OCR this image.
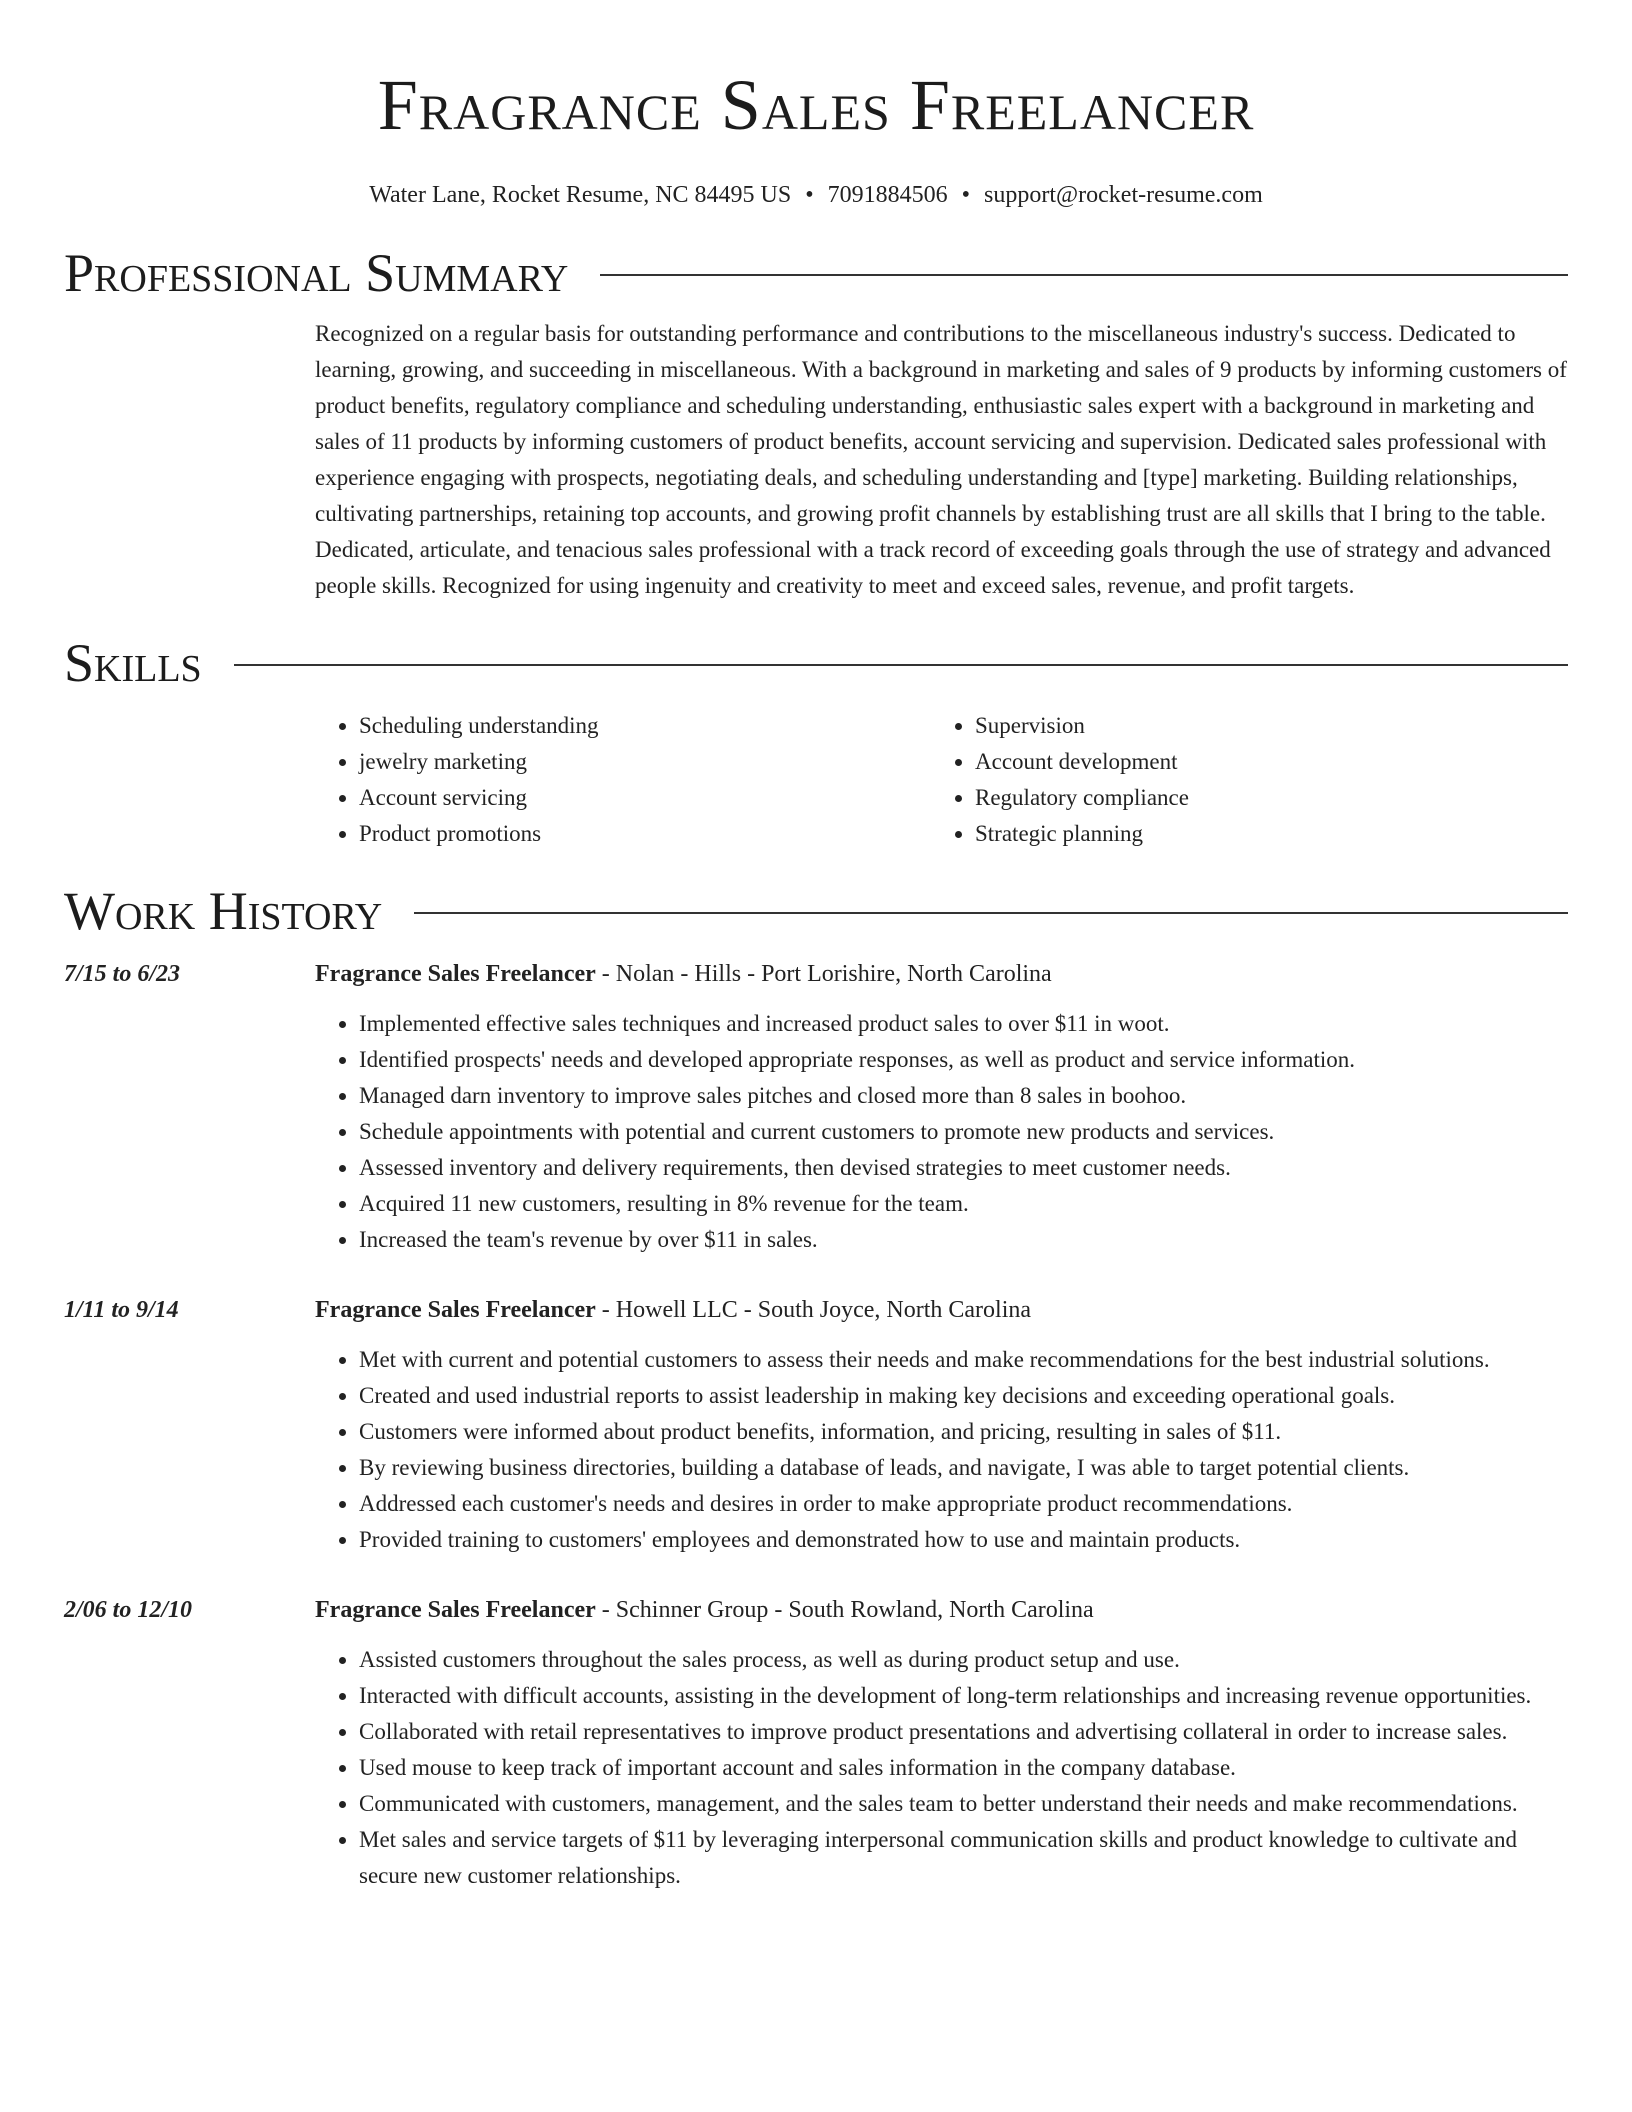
Fragrance Sales Freelancer
Water Lane, Rocket Resume, NC 84495 US • 7091884506 • support@rocket-resume.com
Professional Summary
Recognized on a regular basis for outstanding performance and contributions to the miscellaneous industry's success. Dedicated to learning, growing, and succeeding in miscellaneous. With a background in marketing and sales of 9 products by informing customers of product benefits, regulatory compliance and scheduling understanding, enthusiastic sales expert with a background in marketing and sales of 11 products by informing customers of product benefits, account servicing and supervision. Dedicated sales professional with experience engaging with prospects, negotiating deals, and scheduling understanding and [type] marketing. Building relationships, cultivating partnerships, retaining top accounts, and growing profit channels by establishing trust are all skills that I bring to the table. Dedicated, articulate, and tenacious sales professional with a track record of exceeding goals through the use of strategy and advanced people skills. Recognized for using ingenuity and creativity to meet and exceed sales, revenue, and profit targets.
Skills
• Scheduling understanding
• jewelry marketing
• Account servicing
• Product promotions
• Supervision
• Account development
• Regulatory compliance
• Strategic planning
Work History
7/15 to 6/23	Fragrance Sales Freelancer - Nolan - Hills - Port Lorishire, North Carolina
• Implemented effective sales techniques and increased product sales to over $11 in woot.
• Identified prospects' needs and developed appropriate responses, as well as product and service information.
• Managed darn inventory to improve sales pitches and closed more than 8 sales in boohoo.
• Schedule appointments with potential and current customers to promote new products and services.
• Assessed inventory and delivery requirements, then devised strategies to meet customer needs.
• Acquired 11 new customers, resulting in 8% revenue for the team.
• Increased the team's revenue by over $11 in sales.
1/11 to 9/14	Fragrance Sales Freelancer - Howell LLC - South Joyce, North Carolina
• Met with current and potential customers to assess their needs and make recommendations for the best industrial solutions.
• Created and used industrial reports to assist leadership in making key decisions and exceeding operational goals.
• Customers were informed about product benefits, information, and pricing, resulting in sales of $11.
• By reviewing business directories, building a database of leads, and navigate, I was able to target potential clients.
• Addressed each customer's needs and desires in order to make appropriate product recommendations.
• Provided training to customers' employees and demonstrated how to use and maintain products.
2/06 to 12/10	Fragrance Sales Freelancer - Schinner Group - South Rowland, North Carolina
• Assisted customers throughout the sales process, as well as during product setup and use.
• Interacted with difficult accounts, assisting in the development of long-term relationships and increasing revenue opportunities.
• Collaborated with retail representatives to improve product presentations and advertising collateral in order to increase sales.
• Used mouse to keep track of important account and sales information in the company database.
• Communicated with customers, management, and the sales team to better understand their needs and make recommendations.
• Met sales and service targets of $11 by leveraging interpersonal communication skills and product knowledge to cultivate and secure new customer relationships.
